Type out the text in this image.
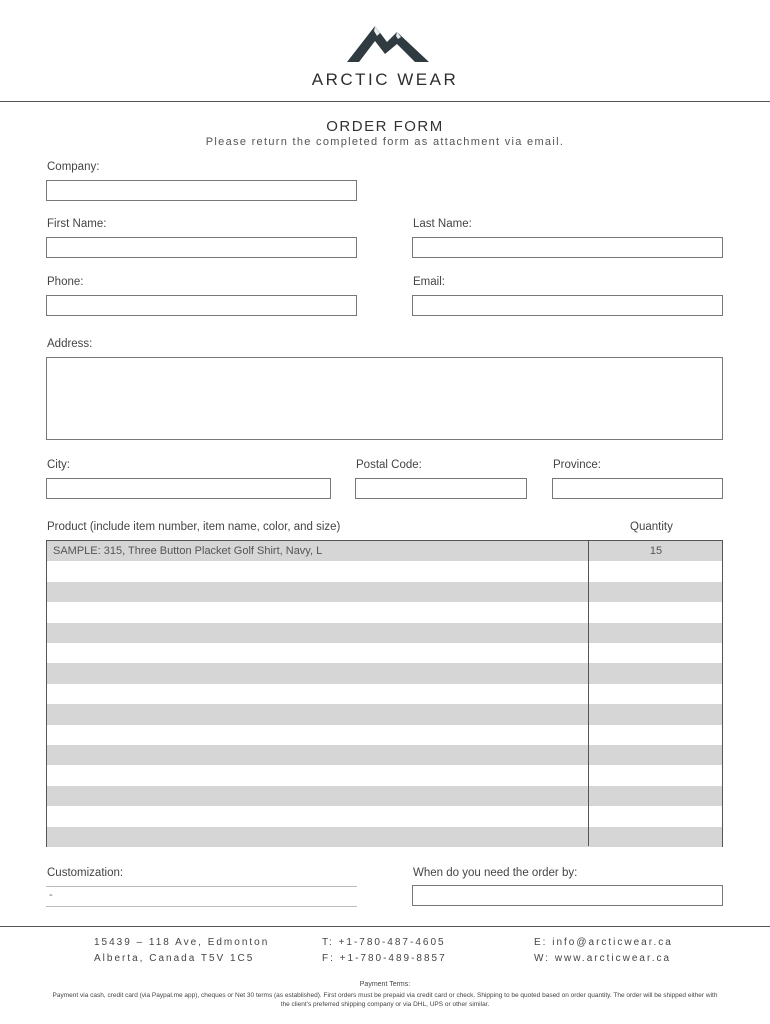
ARCTIC WEAR
ORDER FORM
Please return the completed form as attachment via email.
Company:
First Name:	Last Name:
Phone:	Email:
Address:
City:	Postal Code:	Province:
Product (include item number, item name, color, and size)	Quantity
SAMPLE: 315, Three Button Placket Golf Shirt, Navy, L	15
Customization:
-
When do you need the order by:
15439 – 118 Ave, Edmonton
Alberta, Canada T5V 1C5
T: +1-780-487-4605
F: +1-780-489-8857
E: info@arcticwear.ca
W: www.arcticwear.ca
Payment Terms:
Payment via cash, credit card (via Paypal.me app), cheques or Net 30 terms (as established). First orders must be prepaid via credit card or check. Shipping to be quoted based on order quantity. The order will be shipped either with the client's preferred shipping company or via DHL, UPS or other similar.
